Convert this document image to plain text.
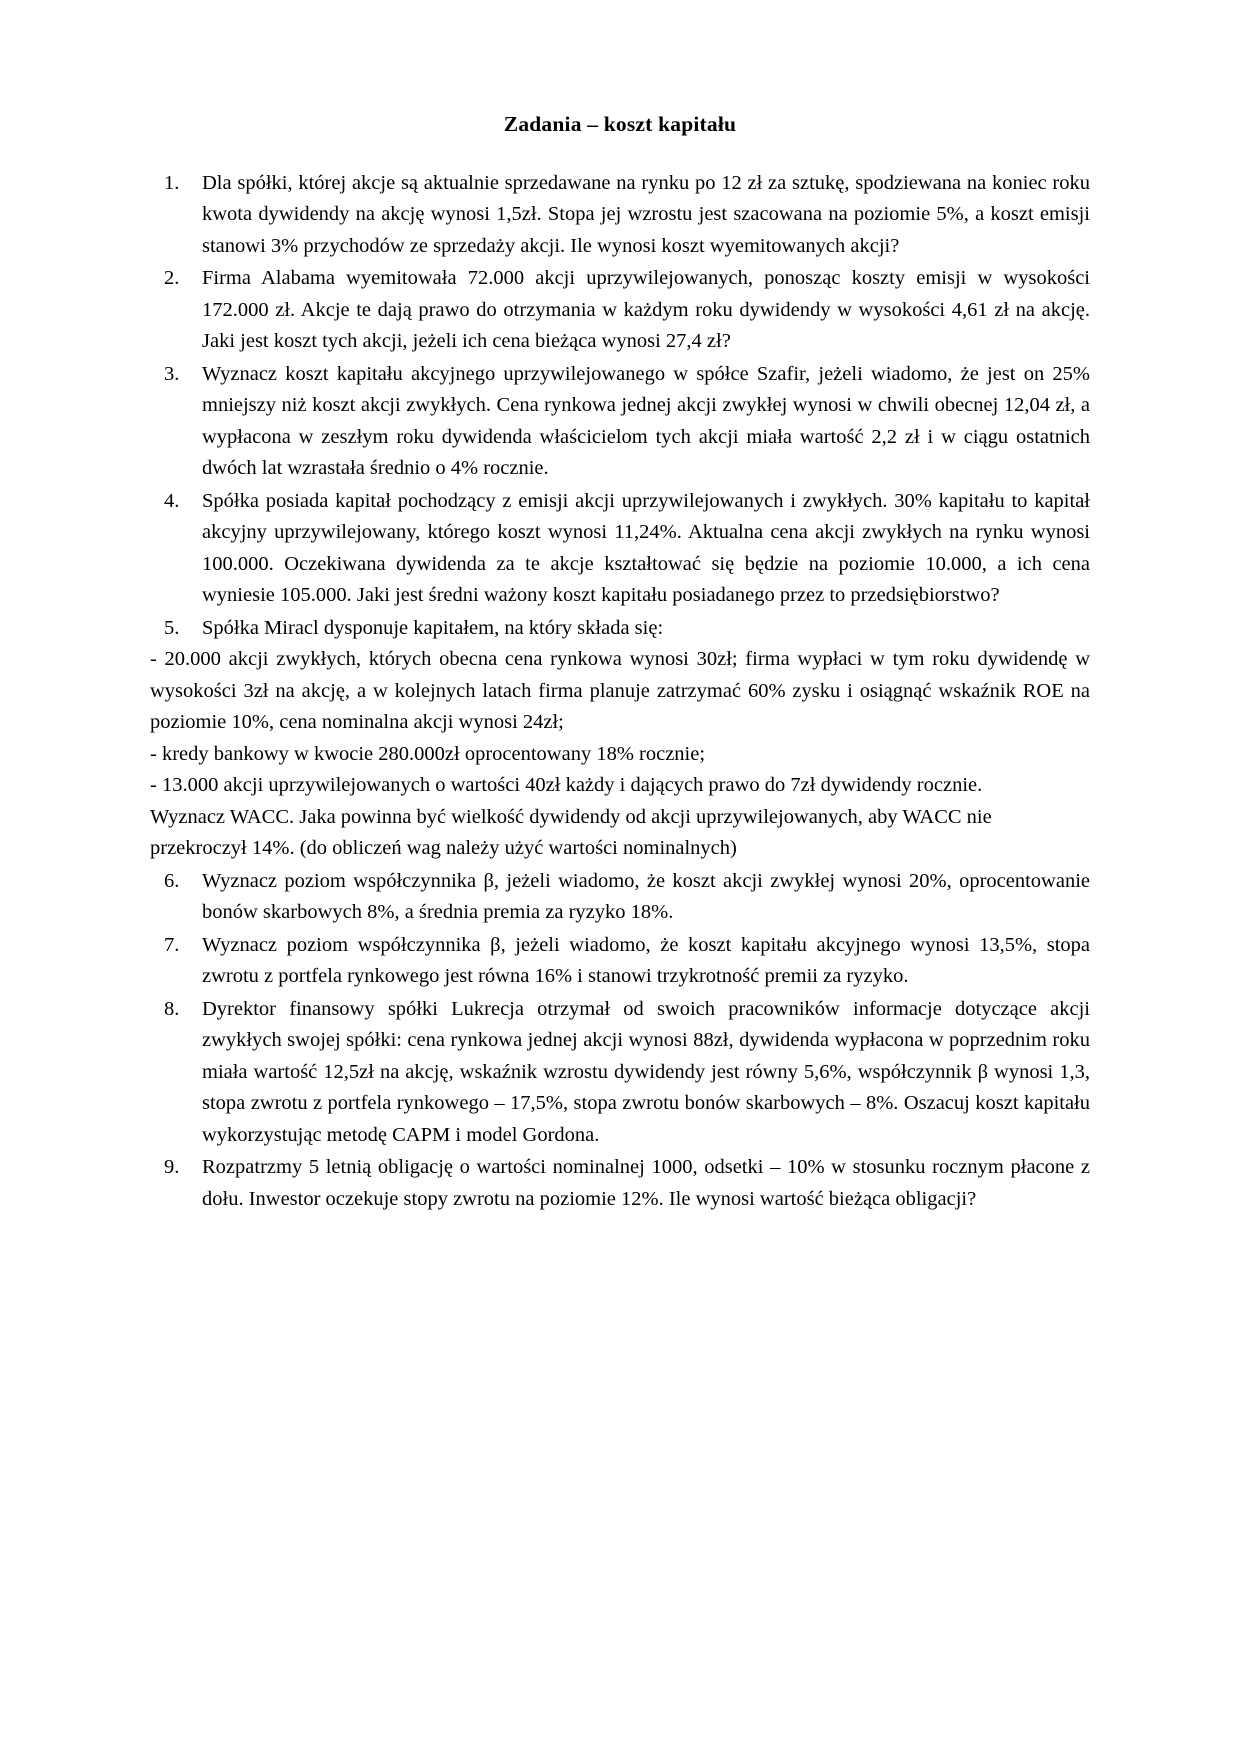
Zadania – koszt kapitału
Dla spółki, której akcje są aktualnie sprzedawane na rynku po 12 zł za sztukę, spodziewana na koniec roku kwota dywidendy na akcję wynosi 1,5zł. Stopa jej wzrostu jest szacowana na poziomie 5%, a koszt emisji stanowi 3% przychodów ze sprzedaży akcji. Ile wynosi koszt wyemitowanych akcji?
Firma Alabama wyemitowała 72.000 akcji uprzywilejowanych, ponosząc koszty emisji w wysokości 172.000 zł. Akcje te dają prawo do otrzymania w każdym roku dywidendy w wysokości 4,61 zł na akcję. Jaki jest koszt tych akcji, jeżeli ich cena bieżąca wynosi 27,4 zł?
Wyznacz koszt kapitału akcyjnego uprzywilejowanego w spółce Szafir, jeżeli wiadomo, że jest on 25% mniejszy niż koszt akcji zwykłych. Cena rynkowa jednej akcji zwykłej wynosi w chwili obecnej 12,04 zł, a wypłacona w zeszłym roku dywidenda właścicielom tych akcji miała wartość 2,2 zł i w ciągu ostatnich dwóch lat wzrastała średnio o 4% rocznie.
Spółka posiada kapitał pochodzący z emisji akcji uprzywilejowanych i zwykłych. 30% kapitału to kapitał akcyjny uprzywilejowany, którego koszt wynosi 11,24%. Aktualna cena akcji zwykłych na rynku wynosi 100.000. Oczekiwana dywidenda za te akcje kształtować się będzie na poziomie 10.000, a ich cena wyniesie 105.000. Jaki jest średni ważony koszt kapitału posiadanego przez to przedsiębiorstwo?
Spółka Miracl dysponuje kapitałem, na który składa się:
- 20.000 akcji zwykłych, których obecna cena rynkowa wynosi 30zł; firma wypłaci w tym roku dywidendę w wysokości 3zł na akcję, a w kolejnych latach firma planuje zatrzymać 60% zysku i osiągnąć wskaźnik ROE na poziomie 10%, cena nominalna akcji wynosi 24zł;
- kredy bankowy w kwocie 280.000zł oprocentowany 18% rocznie;
- 13.000 akcji uprzywilejowanych o wartości 40zł każdy i dających prawo do 7zł dywidendy rocznie.
Wyznacz WACC. Jaka powinna być wielkość dywidendy od akcji uprzywilejowanych, aby WACC nie przekroczył 14%. (do obliczeń wag należy użyć wartości nominalnych)
Wyznacz poziom współczynnika β, jeżeli wiadomo, że koszt akcji zwykłej wynosi 20%, oprocentowanie bonów skarbowych 8%, a średnia premia za ryzyko 18%.
Wyznacz poziom współczynnika β, jeżeli wiadomo, że koszt kapitału akcyjnego wynosi 13,5%, stopa zwrotu z portfela rynkowego jest równa 16% i stanowi trzykrotność premii za ryzyko.
Dyrektor finansowy spółki Lukrecja otrzymał od swoich pracowników informacje dotyczące akcji zwykłych swojej spółki: cena rynkowa jednej akcji wynosi 88zł, dywidenda wypłacona w poprzednim roku miała wartość 12,5zł na akcję, wskaźnik wzrostu dywidendy jest równy 5,6%, współczynnik β wynosi 1,3, stopa zwrotu z portfela rynkowego – 17,5%, stopa zwrotu bonów skarbowych – 8%. Oszacuj koszt kapitału wykorzystując metodę CAPM i model Gordona.
Rozpatrzmy 5 letnią obligację o wartości nominalnej 1000, odsetki – 10% w stosunku rocznym płacone z dołu. Inwestor oczekuje stopy zwrotu na poziomie 12%. Ile wynosi wartość bieżąca obligacji?
